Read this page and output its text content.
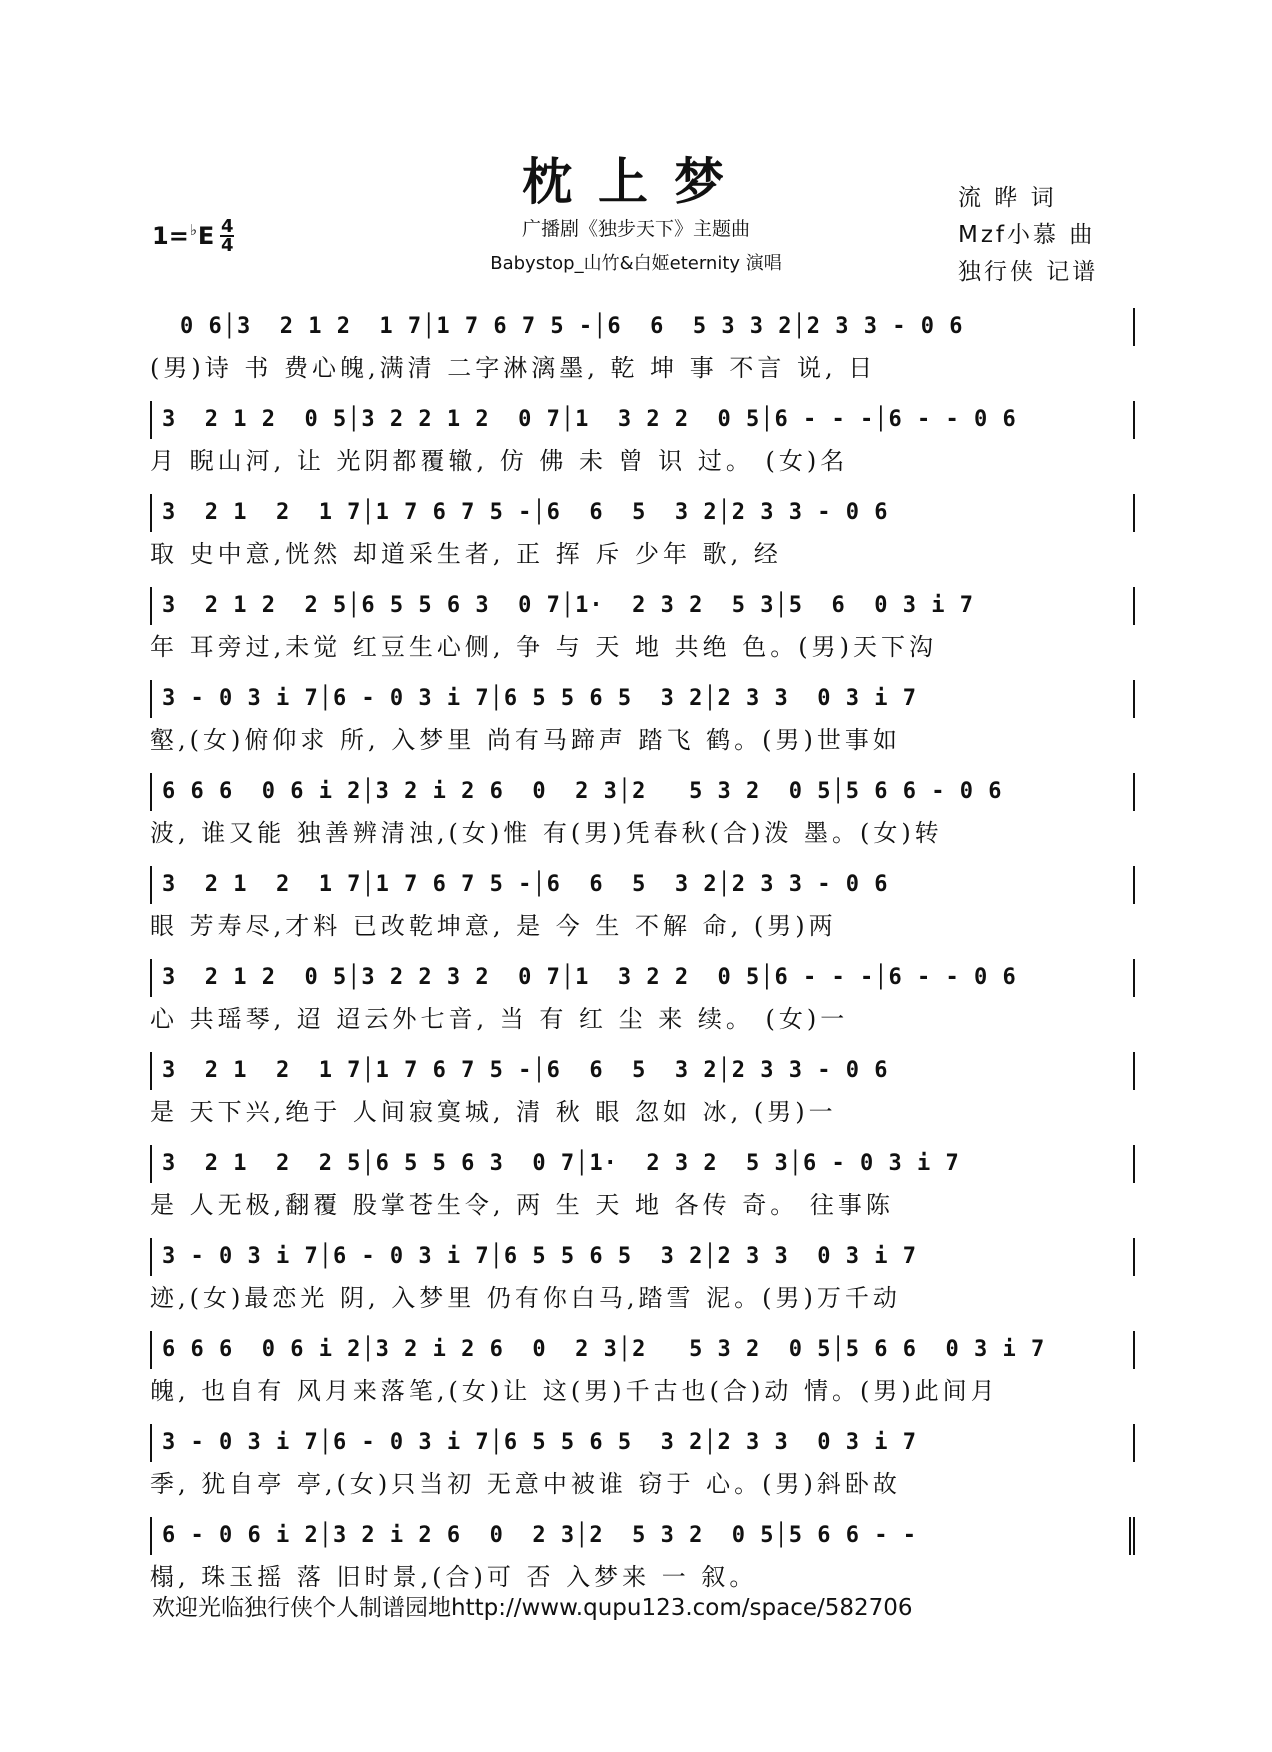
枕上梦
广播剧《独步天下》主题曲
Babystop_山竹&白姬eternity 演唱
1=♭ E 4
4
流 晔 词
Mzf小慕 曲
独行侠 记谱
0 6│3  2 1 2  1 7│1 7 6 7 5 -│6  6  5 3 3 2│2 3 3 - 0 6
(男)诗 书 费心魄,满清 二字淋漓墨, 乾 坤 事 不言 说, 日
3  2 1 2  0 5│3 2 2 1 2  0 7│1  3 2 2  0 5│6 - - -│6 - - 0 6
月 睨山河, 让 光阴都覆辙, 仿 佛 未 曾 识 过。 (女)名
3  2 1  2  1 7│1 7 6 7 5 -│6  6  5  3 2│2 3 3 - 0 6
取 史中意,恍然 却道采生者, 正 挥 斥 少年 歌, 经
3  2 1 2  2 5│6 5 5 6 3  0 7│1·  2 3 2  5 3│5  6  0 3 i 7
年 耳旁过,未觉 红豆生心侧, 争 与 天 地 共绝 色。(男)天下沟
3 - 0 3 i 7│6 - 0 3 i 7│6 5 5 6 5  3 2│2 3 3  0 3 i 7
壑,(女)俯仰求 所, 入梦里 尚有马蹄声 踏飞 鹤。(男)世事如
6 6 6  0 6 i 2│3 2 i 2 6  0  2 3│2   5 3 2  0 5│5 6 6 - 0 6
波, 谁又能 独善辨清浊,(女)惟 有(男)凭春秋(合)泼 墨。(女)转
3  2 1  2  1 7│1 7 6 7 5 -│6  6  5  3 2│2 3 3 - 0 6
眼 芳寿尽,才料 已改乾坤意, 是 今 生 不解 命, (男)两
3  2 1 2  0 5│3 2 2 3 2  0 7│1  3 2 2  0 5│6 - - -│6 - - 0 6
心 共瑶琴, 迢 迢云外七音, 当 有 红 尘 来 续。 (女)一
3  2 1  2  1 7│1 7 6 7 5 -│6  6  5  3 2│2 3 3 - 0 6
是 天下兴,绝于 人间寂寞城, 清 秋 眼 忽如 冰, (男)一
3  2 1  2  2 5│6 5 5 6 3  0 7│1·  2 3 2  5 3│6 - 0 3 i 7
是 人无极,翻覆 股掌苍生令, 两 生 天 地 各传 奇。 往事陈
3 - 0 3 i 7│6 - 0 3 i 7│6 5 5 6 5  3 2│2 3 3  0 3 i 7
迹,(女)最恋光 阴, 入梦里 仍有你白马,踏雪 泥。(男)万千动
6 6 6  0 6 i 2│3 2 i 2 6  0  2 3│2   5 3 2  0 5│5 6 6  0 3 i 7
魄, 也自有 风月来落笔,(女)让 这(男)千古也(合)动 情。(男)此间月
3 - 0 3 i 7│6 - 0 3 i 7│6 5 5 6 5  3 2│2 3 3  0 3 i 7
季, 犹自亭 亭,(女)只当初 无意中被谁 窃于 心。(男)斜卧故
6 - 0 6 i 2│3 2 i 2 6  0  2 3│2  5 3 2  0 5│5 6 6 - -
榻, 珠玉摇 落 旧时景,(合)可 否 入梦来 一 叙。
欢迎光临独行侠个人制谱园地http://www.qupu123.com/space/582706
